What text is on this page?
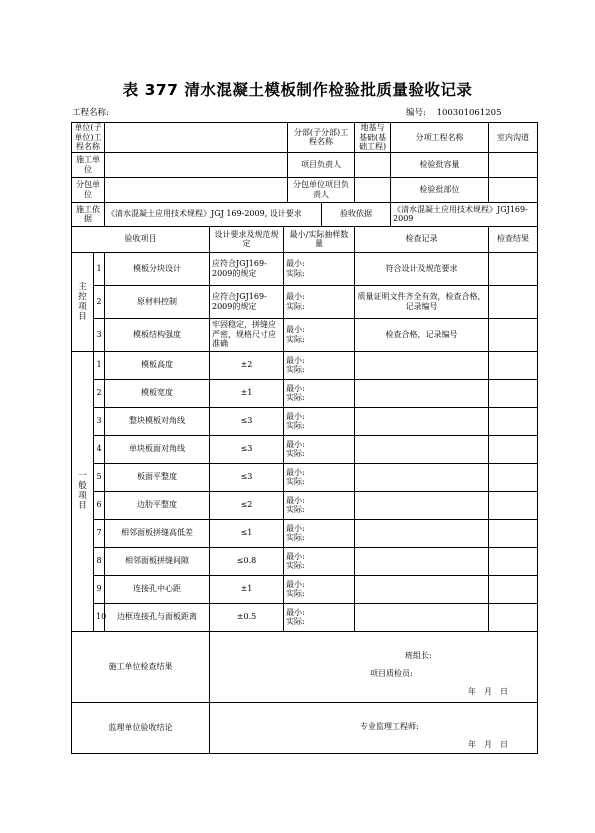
表 377 清水混凝土模板制作检验批质量验收记录
工程名称:	编号: 100301061205
单位(子单位)工程名称					分部(子分部)工程名称		地基与基础(基础工程)	分项工程名称	室内沟道
施工单位					项目负责人			检验批容量	
分包单位					分包单位项目负责人			检验批部位	
施工依据		《清水混凝土应用技术规程》JGJ 169-2009, 设计要求				验收依据		《清水混凝土应用技术规程》JGJ169-2009	
验收项目			设计要求及规范规定	最小/实际抽样数量			检查记录		检查结果

主
控
项
目	1	模板分块设计	应符合JGJ169-2009的规定	最小:
实际:			符合设计及规范要求		
	2	原材料控制	应符合JGJ169-2009的规定	最小:
实际:			质量证明文件齐全有效，检查合格，记录编号		
	3	模板结构强度	牢固稳定，拼缝应严密，规格尺寸应准确	最小:
实际:			检查合格，记录编号		

一
般
项
目	1	模板高度	±2	最小:
实际:					

	2	模板宽度	±1	最小:
实际:					

	3	整块模板对角线	≤3	最小:
实际:					

	4	单块板面对角线	≤3	最小:
实际:					

	5	板面平整度	≤3	最小:
实际:					

	6	边肋平整度	≤2	最小:
实际:					

	7	相邻面板拼缝高低差	≤1	最小:
实际:					

	8	相邻面板拼缝间隙	≤0.8	最小:
实际:					

	9	连接孔中心距	±1	最小:
实际:					

	10	边框连接孔与面板距离	±0.5	最小:
实际:					

施工单位检查结果			班组长:
项目质检员:
年　月　日						

监理单位验收结论			专业监理工程师:
年　月　日						
